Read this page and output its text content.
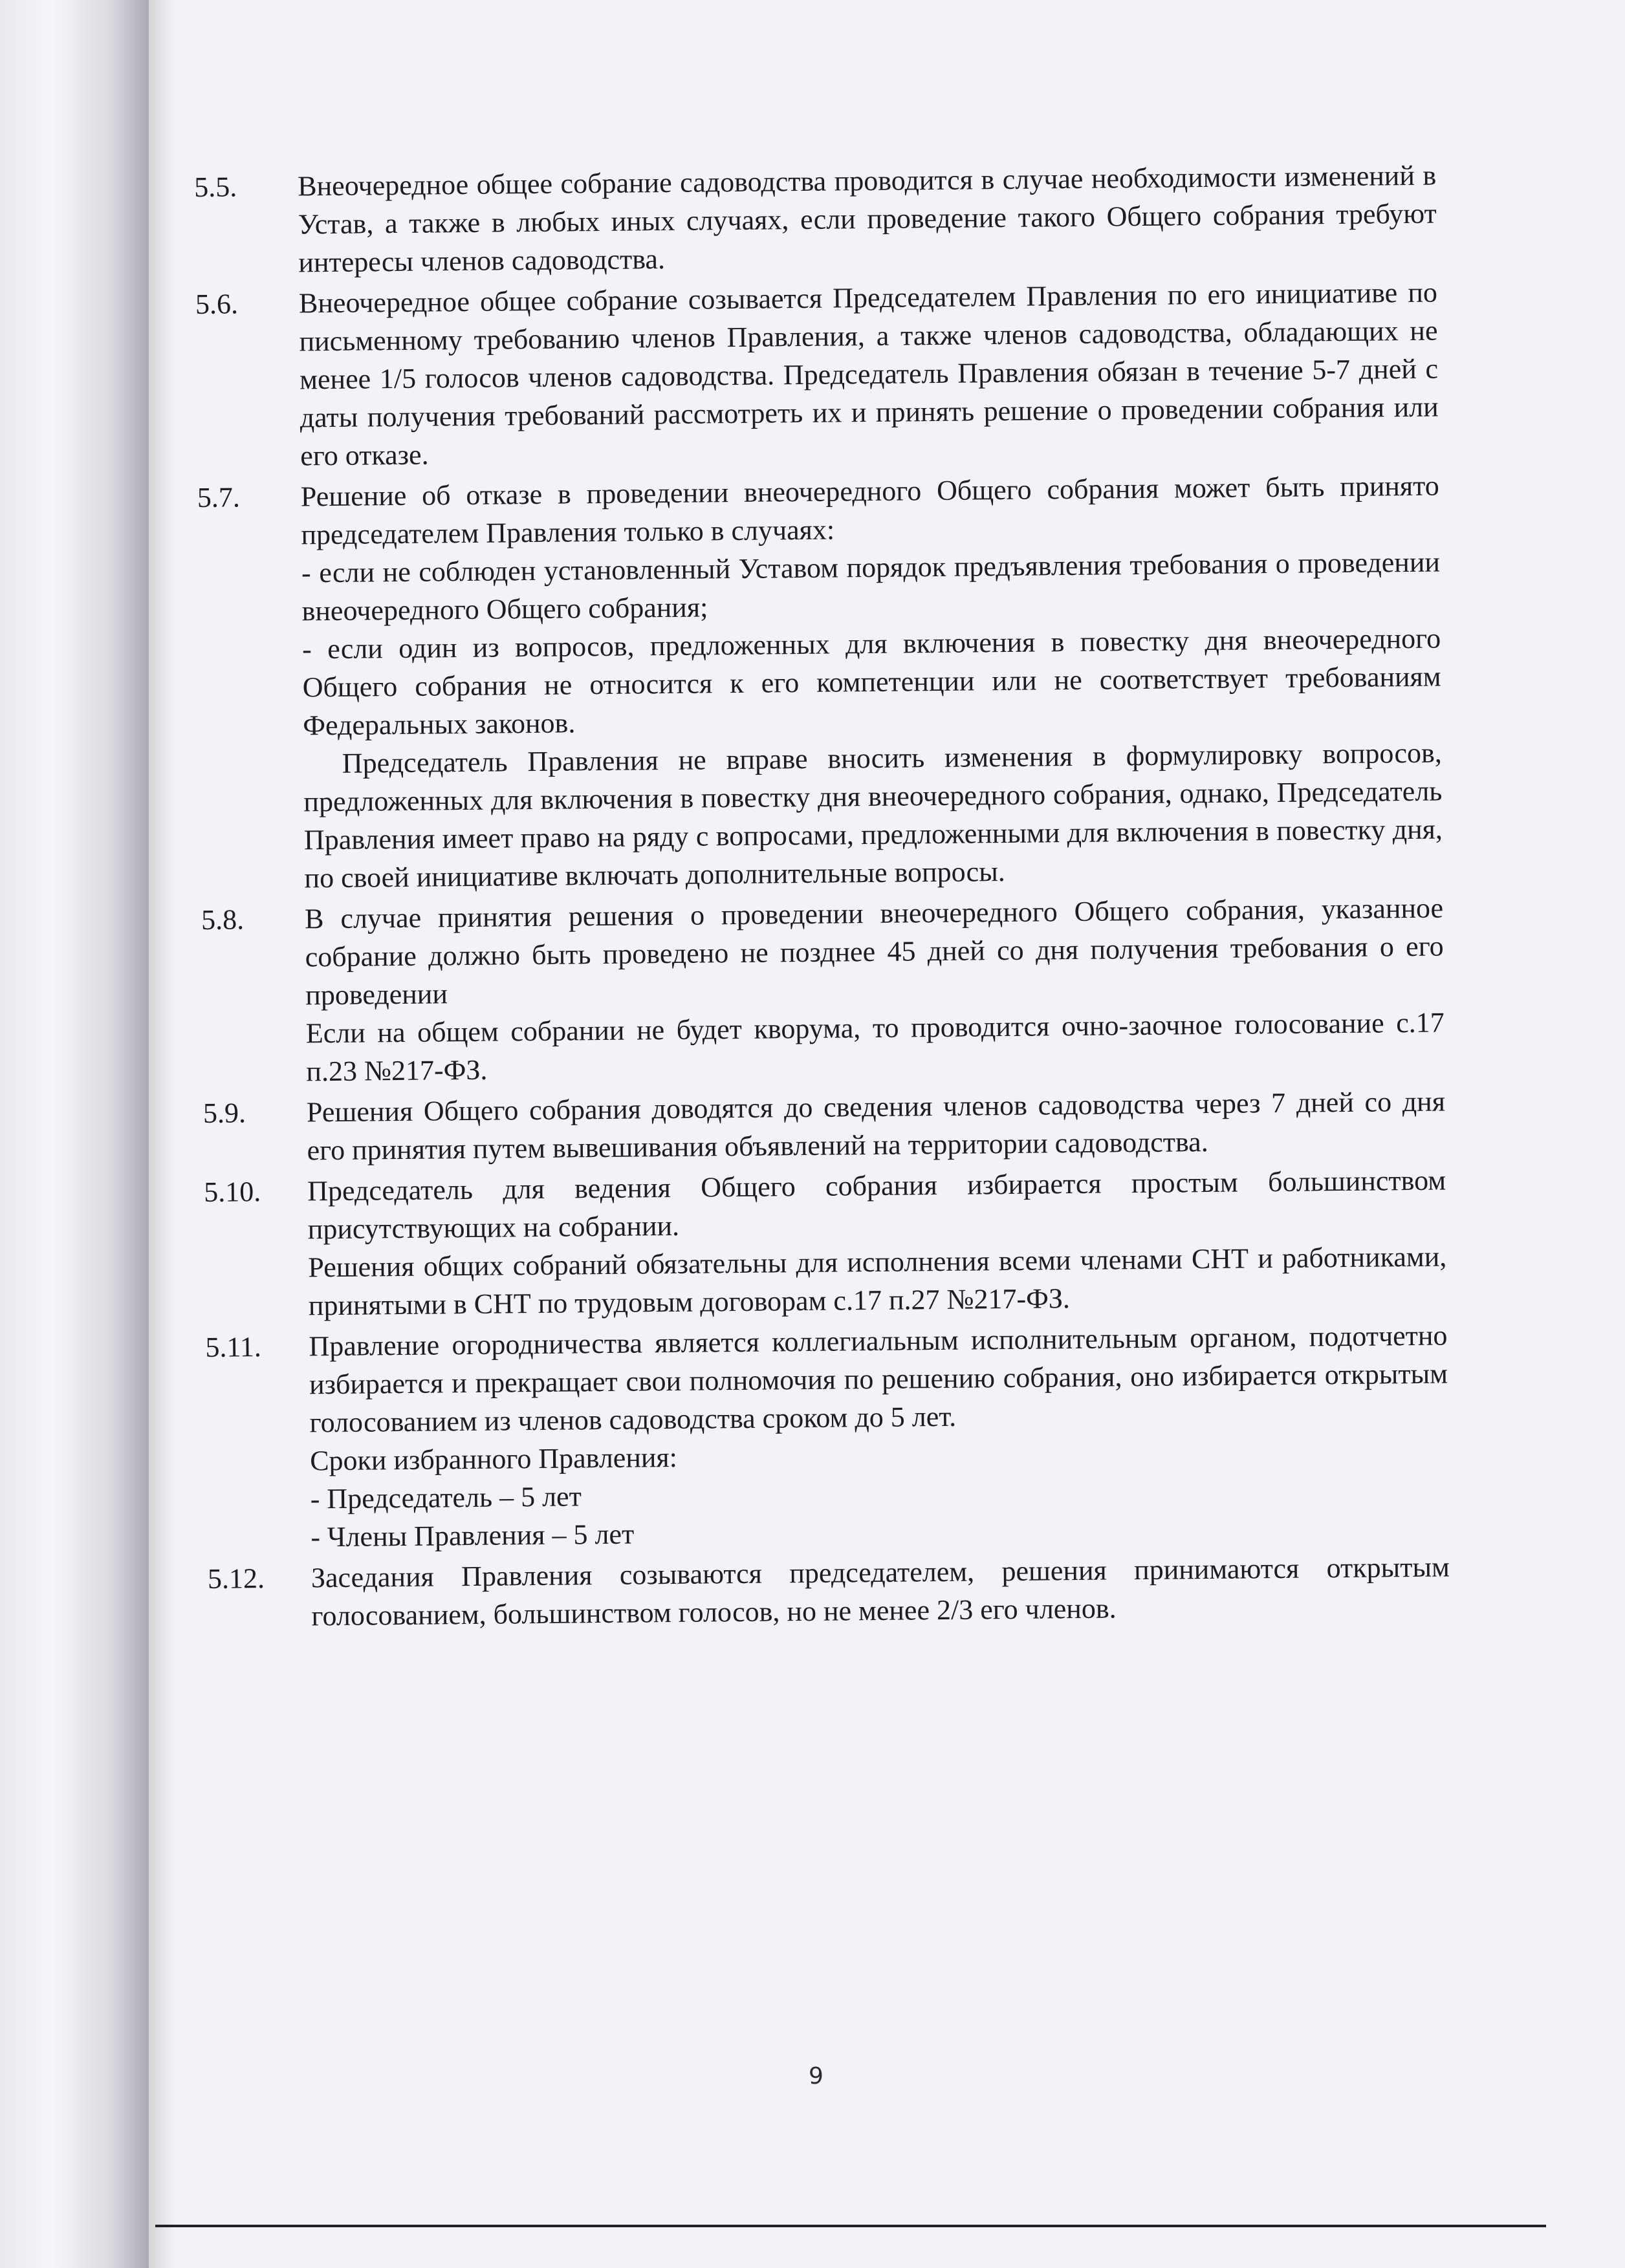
5.5.	Внеочередное общее собрание садоводства проводится в случае необходимости изменений в Устав, а также в любых иных случаях, если проведение такого Общего собрания требуют интересы членов садоводства.

5.6.	Внеочередное общее собрание созывается Председателем Правления по его инициативе по письменному требованию членов Правления, а также членов садоводства, обладающих не менее 1/5 голосов членов садоводства. Председатель Правления обязан в течение 5-7 дней с даты получения требований рассмотреть их и принять решение о проведении собрания или его отказе.

5.7.	Решение об отказе в проведении внеочередного Общего собрания может быть принято председателем Правления только в случаях:

- если не соблюден установленный Уставом порядок предъявления требования о проведении внеочередного Общего собрания;

- если один из вопросов, предложенных для включения в повестку дня внеочередного Общего собрания не относится к его компетенции или не соответствует требованиям Федеральных законов.

Председатель Правления не вправе вносить изменения в формулировку вопросов, предложенных для включения в повестку дня внеочередного собрания, однако, Председатель Правления имеет право на ряду с вопросами, предложенными для включения в повестку дня, по своей инициативе включать дополнительные вопросы.

5.8.	В случае принятия решения о проведении внеочередного Общего собрания, указанное собрание должно быть проведено не позднее 45 дней со дня получения требования о его проведении

Если на общем собрании не будет кворума, то проводится очно-заочное голосование с.17 п.23 №217-ФЗ.

5.9.	Решения Общего собрания доводятся до сведения членов садоводства через 7 дней со дня его принятия путем вывешивания объявлений на территории садоводства.

5.10.	Председатель для ведения Общего собрания избирается простым большинством присутствующих на собрании.

Решения общих собраний обязательны для исполнения всеми членами СНТ и работниками, принятыми в СНТ по трудовым договорам с.17 п.27 №217-ФЗ.

5.11.	Правление огородничества является коллегиальным исполнительным органом, подотчетно избирается и прекращает свои полномочия по решению собрания, оно избирается открытым голосованием из членов садоводства сроком до 5 лет.

Сроки избранного Правления:

- Председатель – 5 лет

- Члены Правления – 5 лет

5.12.	Заседания Правления созываются председателем, решения принимаются открытым голосованием, большинством голосов, но не менее 2/3 его членов.

9
